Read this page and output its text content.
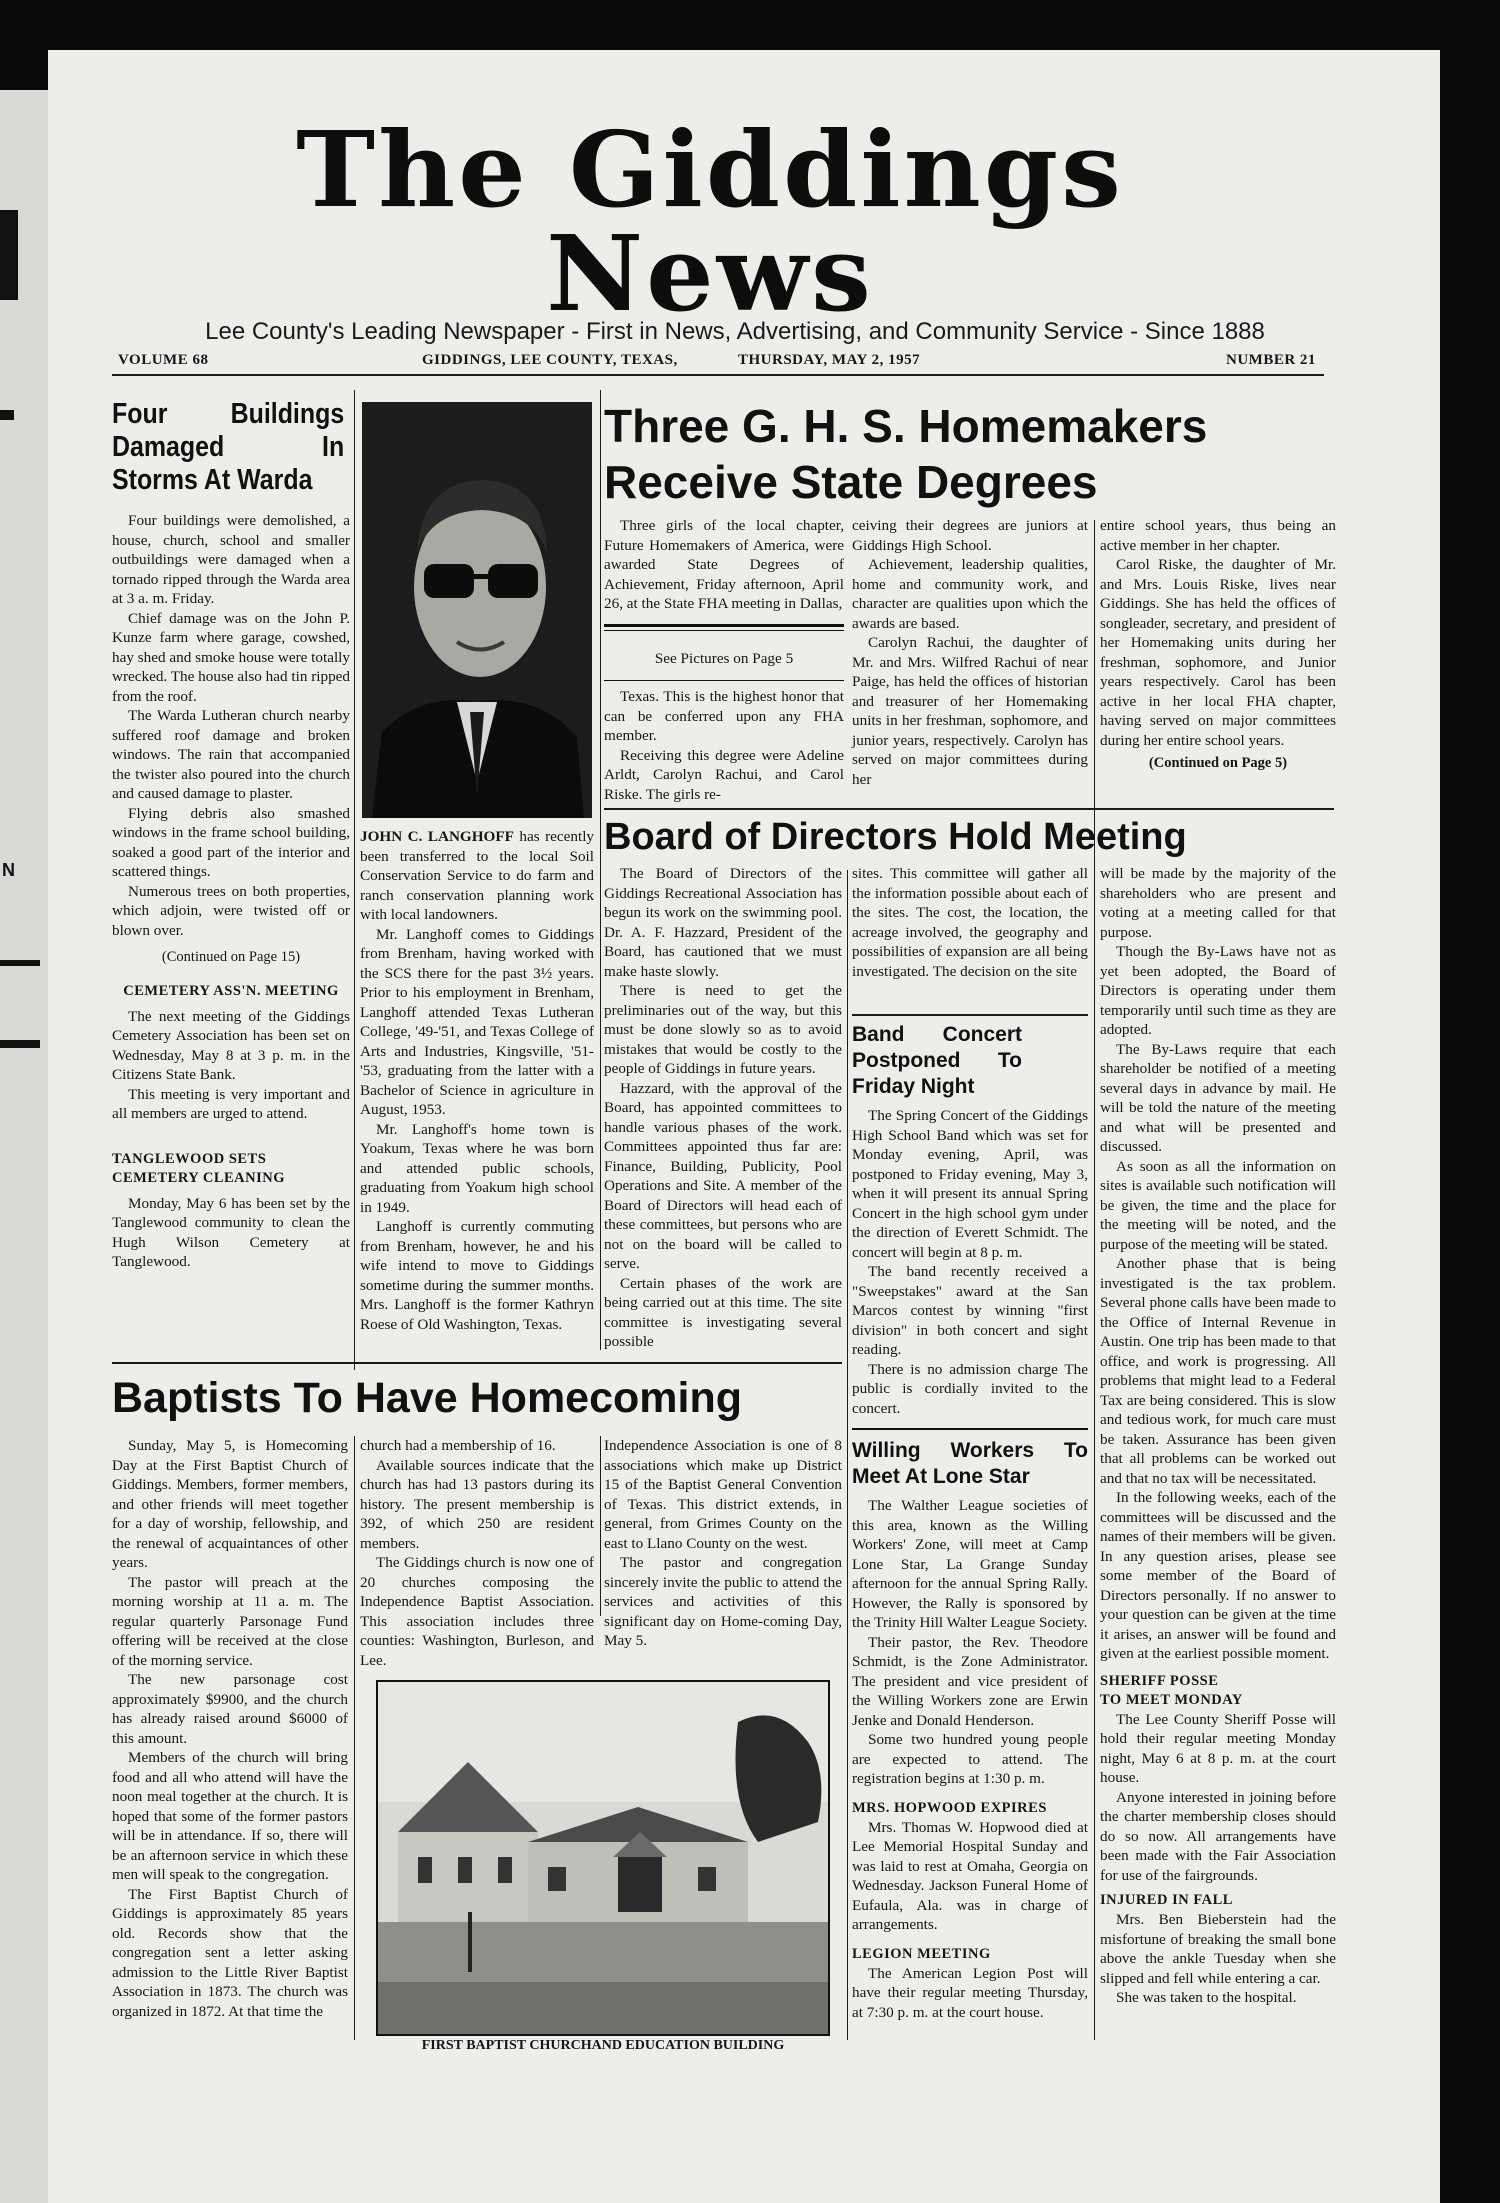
N
The Giddings News
Lee County's Leading Newspaper - First in News, Advertising, and Community Service - Since 1888
VOLUME 68	GIDDINGS, LEE COUNTY, TEXAS,	THURSDAY, MAY 2, 1957	NUMBER 21
Four Buildings Damaged In Storms At Warda

Four buildings were demolished, a house, church, school and smaller outbuildings were damaged when a tornado ripped through the Warda area at 3 a. m. Friday.

Chief damage was on the John P. Kunze farm where garage, cowshed, hay shed and smoke house were totally wrecked. The house also had tin ripped from the roof.

The Warda Lutheran church nearby suffered roof damage and broken windows. The rain that accompanied the twister also poured into the church and caused damage to plaster.

Flying debris also smashed windows in the frame school building, soaked a good part of the interior and scattered things.

Numerous trees on both properties, which adjoin, were twisted off or blown over.

(Continued on Page 15)
CEMETERY ASS'N. MEETING

The next meeting of the Giddings Cemetery Association has been set on Wednesday, May 8 at 3 p. m. in the Citizens State Bank.

This meeting is very important and all members are urged to attend.

TANGLEWOOD SETS
CEMETERY CLEANING

Monday, May 6 has been set by the Tanglewood community to clean the Hugh Wilson Cemetery at Tanglewood.

JOHN C. LANGHOFF has recently been transferred to the local Soil Conservation Service to do farm and ranch conservation planning work with local landowners.

Mr. Langhoff comes to Giddings from Brenham, having worked with the SCS there for the past 3½ years. Prior to his employment in Brenham, Langhoff attended Texas Lutheran College, '49-'51, and Texas College of Arts and Industries, Kingsville, '51-'53, graduating from the latter with a Bachelor of Science in agriculture in August, 1953.

Mr. Langhoff's home town is Yoakum, Texas where he was born and attended public schools, graduating from Yoakum high school in 1949.

Langhoff is currently commuting from Brenham, however, he and his wife intend to move to Giddings sometime during the summer months. Mrs. Langhoff is the former Kathryn Roese of Old Washington, Texas.

Three G. H. S. Homemakers
Receive State Degrees

Three girls of the local chapter, Future Homemakers of America, were awarded State Degrees of Achievement, Friday afternoon, April 26, at the State FHA meeting in Dallas,

See Pictures on Page 5

Texas. This is the highest honor that can be conferred upon any FHA member.

Receiving this degree were Adeline Arldt, Carolyn Rachui, and Carol Riske. The girls re-

ceiving their degrees are juniors at Giddings High School.

Achievement, leadership qualities, home and community work, and character are qualities upon which the awards are based.

Carolyn Rachui, the daughter of Mr. and Mrs. Wilfred Rachui of near Paige, has held the offices of historian and treasurer of her Homemaking units in her freshman, sophomore, and junior years, respectively. Carolyn has served on major committees during her

entire school years, thus being an active member in her chapter.

Carol Riske, the daughter of Mr. and Mrs. Louis Riske, lives near Giddings. She has held the offices of songleader, secretary, and president of her Homemaking units during her freshman, sophomore, and Junior years respectively. Carol has been active in her local FHA chapter, having served on major committees during her entire school years.

(Continued on Page 5)
Board of Directors Hold Meeting

The Board of Directors of the Giddings Recreational Association has begun its work on the swimming pool. Dr. A. F. Hazzard, President of the Board, has cautioned that we must make haste slowly.

There is need to get the preliminaries out of the way, but this must be done slowly so as to avoid mistakes that would be costly to the people of Giddings in future years.

Hazzard, with the approval of the Board, has appointed committees to handle various phases of the work. Committees appointed thus far are: Finance, Building, Publicity, Pool Operations and Site. A member of the Board of Directors will head each of these committees, but persons who are not on the board will be called to serve.

Certain phases of the work are being carried out at this time. The site committee is investigating several possible

sites. This committee will gather all the information possible about each of the sites. The cost, the location, the acreage involved, the geography and possibilities of expansion are all being investigated. The decision on the site

will be made by the majority of the shareholders who are present and voting at a meeting called for that purpose.

Though the By-Laws have not as yet been adopted, the Board of Directors is operating under them temporarily until such time as they are adopted.

The By-Laws require that each shareholder be notified of a meeting several days in advance by mail. He will be told the nature of the meeting and what will be presented and discussed.

As soon as all the information on sites is available such notification will be given, the time and the place for the meeting will be noted, and the purpose of the meeting will be stated.

Another phase that is being investigated is the tax problem. Several phone calls have been made to the Office of Internal Revenue in Austin. One trip has been made to that office, and work is progressing. All problems that might lead to a Federal Tax are being considered. This is slow and tedious work, for much care must be taken. Assurance has been given that all problems can be worked out and that no tax will be necessitated.

In the following weeks, each of the committees will be discussed and the names of their members will be given. In any question arises, please see some member of the Board of Directors personally. If no answer to your question can be given at the time it arises, an answer will be found and given at the earliest possible moment.

SHERIFF POSSE
TO MEET MONDAY

The Lee County Sheriff Posse will hold their regular meeting Monday night, May 6 at 8 p. m. at the court house.

Anyone interested in joining before the charter membership closes should do so now. All arrangements have been made with the Fair Association for use of the fairgrounds.

INJURED IN FALL

Mrs. Ben Bieberstein had the misfortune of breaking the small bone above the ankle Tuesday when she slipped and fell while entering a car.

She was taken to the hospital.

Band Concert Postponed To Friday Night

The Spring Concert of the Giddings High School Band which was set for Monday evening, April, was postponed to Friday evening, May 3, when it will present its annual Spring Concert in the high school gym under the direction of Everett Schmidt. The concert will begin at 8 p. m.

The band recently received a "Sweepstakes" award at the San Marcos contest by winning "first division" in both concert and sight reading.

There is no admission charge The public is cordially invited to the concert.

Willing Workers To Meet At Lone Star

The Walther League societies of this area, known as the Willing Workers' Zone, will meet at Camp Lone Star, La Grange Sunday afternoon for the annual Spring Rally. However, the Rally is sponsored by the Trinity Hill Walter League Society.

Their pastor, the Rev. Theodore Schmidt, is the Zone Administrator. The president and vice president of the Willing Workers zone are Erwin Jenke and Donald Henderson.

Some two hundred young people are expected to attend. The registration begins at 1:30 p. m.

MRS. HOPWOOD EXPIRES

Mrs. Thomas W. Hopwood died at Lee Memorial Hospital Sunday and was laid to rest at Omaha, Georgia on Wednesday. Jackson Funeral Home of Eufaula, Ala. was in charge of arrangements.

LEGION MEETING

The American Legion Post will have their regular meeting Thursday, at 7:30 p. m. at the court house.

Baptists To Have Homecoming

Sunday, May 5, is Homecoming Day at the First Baptist Church of Giddings. Members, former members, and other friends will meet together for a day of worship, fellowship, and the renewal of acquaintances of other years.

The pastor will preach at the morning worship at 11 a. m. The regular quarterly Parsonage Fund offering will be received at the close of the morning service.

The new parsonage cost approximately $9900, and the church has already raised around $6000 of this amount.

Members of the church will bring food and all who attend will have the noon meal together at the church. It is hoped that some of the former pastors will be in attendance. If so, there will be an afternoon service in which these men will speak to the congregation.

The First Baptist Church of Giddings is approximately 85 years old. Records show that the congregation sent a letter asking admission to the Little River Baptist Association in 1873. The church was organized in 1872. At that time the

church had a membership of 16.

Available sources indicate that the church has had 13 pastors during its history. The present membership is 392, of which 250 are resident members.

The Giddings church is now one of 20 churches composing the Independence Baptist Association. This association includes three counties: Washington, Burleson, and Lee.

Independence Association is one of 8 associations which make up District 15 of the Baptist General Convention of Texas. This district extends, in general, from Grimes County on the east to Llano County on the west.

The pastor and congregation sincerely invite the public to attend the services and activities of this significant day on Home-coming Day, May 5.

FIRST BAPTIST CHURCHAND EDUCATION BUILDING
